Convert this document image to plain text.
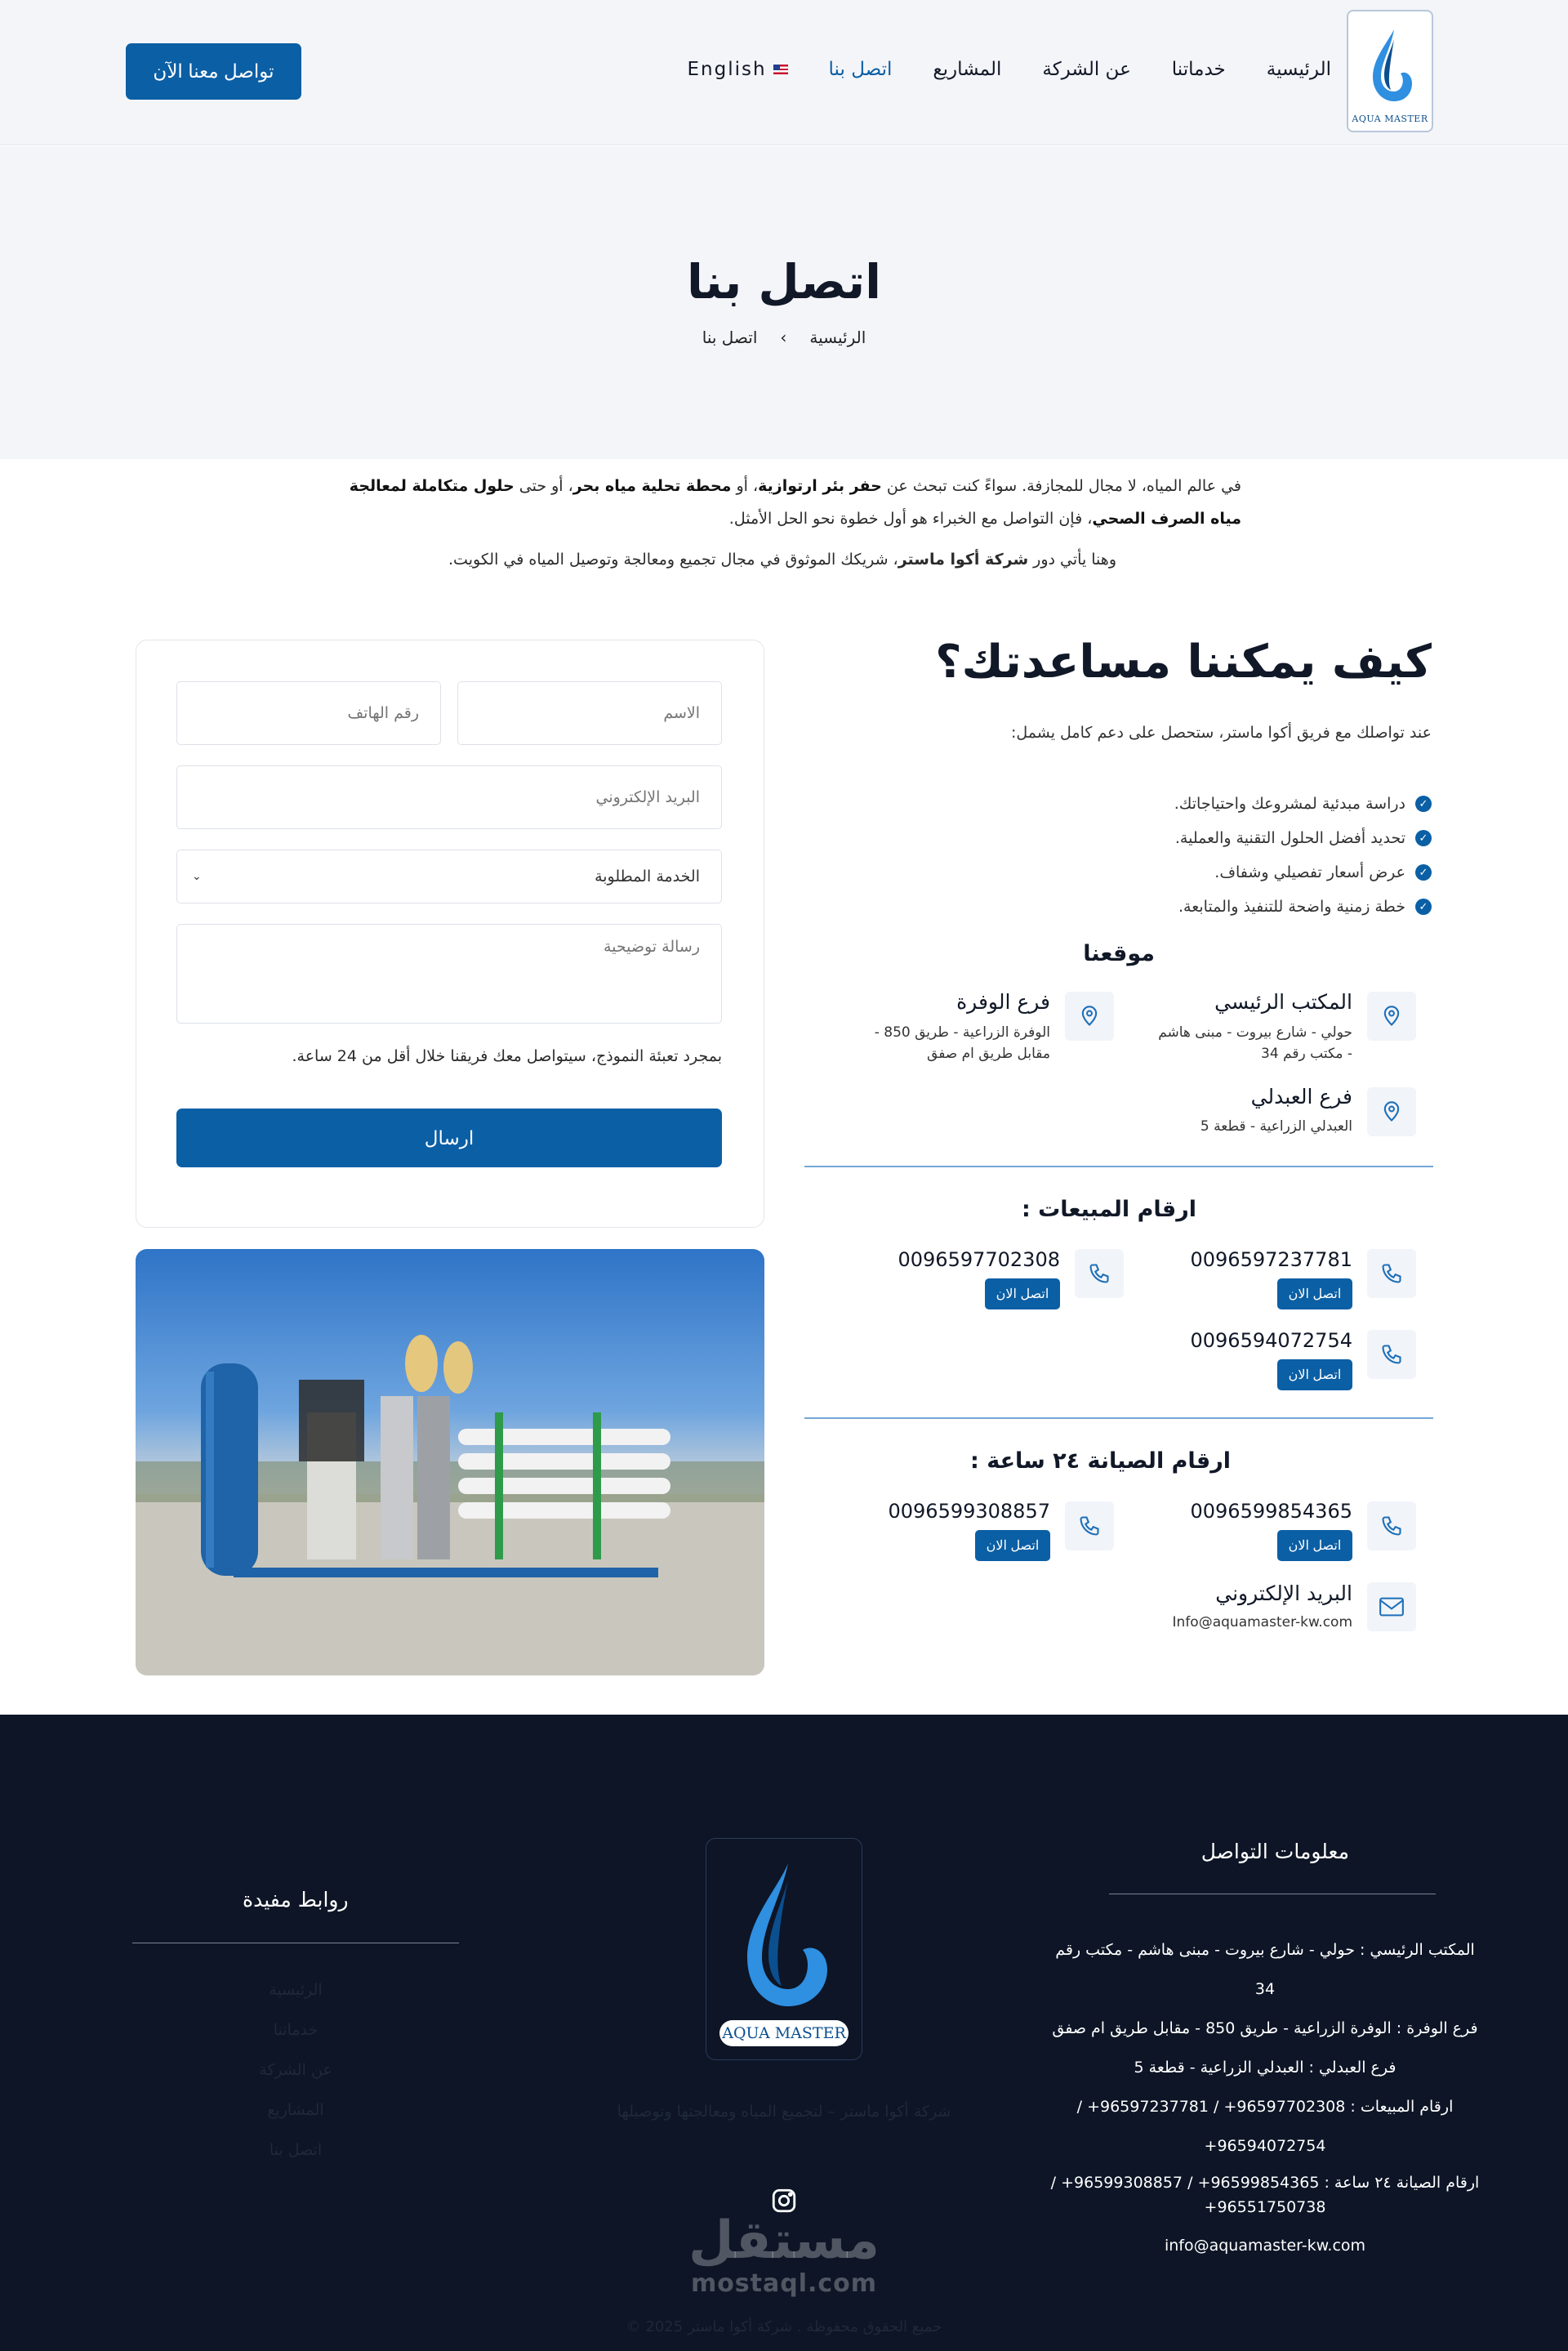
AQUA MASTER
الرئيسية
خدماتنا
عن الشركة
المشاريع
اتصل بنا
English
تواصل معنا الآن
اتصل بنا
الرئيسية
›
اتصل بنا

في عالم المياه، لا مجال للمجازفة. سواءً كنت تبحث عن حفر بئر ارتوازية، أو محطة تحلية مياه بحر، أو حتى حلول متكاملة لمعالجة مياه الصرف الصحي، فإن التواصل مع الخبراء هو أول خطوة نحو الحل الأمثل.

وهنا يأتي دور شركة أكوا ماستر، شريكك الموثوق في مجال تجميع ومعالجة وتوصيل المياه في الكويت.

كيف يمكننا مساعدتك؟

عند تواصلك مع فريق أكوا ماستر، ستحصل على دعم كامل يشمل:

✓
دراسة مبدئية لمشروعك واحتياجاتك.
✓
تحديد أفضل الحلول التقنية والعملية.
✓
عرض أسعار تفصيلي وشفاف.
✓
خطة زمنية واضحة للتنفيذ والمتابعة.
موقعنا
المكتب الرئيسي
حولي - شارع بيروت - مبنى هاشم
- مكتب رقم 34
فرع الوفرة
الوفرة الزراعية - طريق 850 -
مقابل طريق ام صفق
فرع العبدلي
العبدلي الزراعية - قطعة 5
ارقام المبيعات :
0096597237781
اتصل الان
0096597702308
اتصل الان
0096594072754
اتصل الان
ارقام الصيانة ٢٤ ساعة :
0096599854365
اتصل الان
0096599308857
اتصل الان
البريد الإلكتروني
Info@aquamaster-kw.com
الاسم
رقم الهاتف
البريد الإلكتروني
الخدمة المطلوبة
⌄
رسالة توضيحية

بمجرد تعبئة النموذج، سيتواصل معك فريقنا خلال أقل من 24 ساعة.

ارسال
معلومات التواصل
المكتب الرئيسي : حولي - شارع بيروت - مبنى هاشم - مكتب رقم 34
فرع الوفرة : الوفرة الزراعية - طريق 850 - مقابل طريق ام صفق
فرع العبدلي : العبدلي الزراعية - قطعة 5
ارقام المبيعات : 96597702308+ / 96597237781+ / 96594072754+
ارقام الصيانة ٢٤ ساعة : 96599854365+ / 96599308857+ /
96551750738+
info@aquamaster-kw.com
AQUA MASTER
شركة أكوا ماستر – لتجميع المياه ومعالجتها وتوصيلها
روابط مفيدة
الرئيسية
خدماتنا
عن الشركة
المشاريع
اتصل بنا
مستقل
mostaql.com
جميع الحقوق محفوظة . شركة أكوا ماستر 2025 ©
